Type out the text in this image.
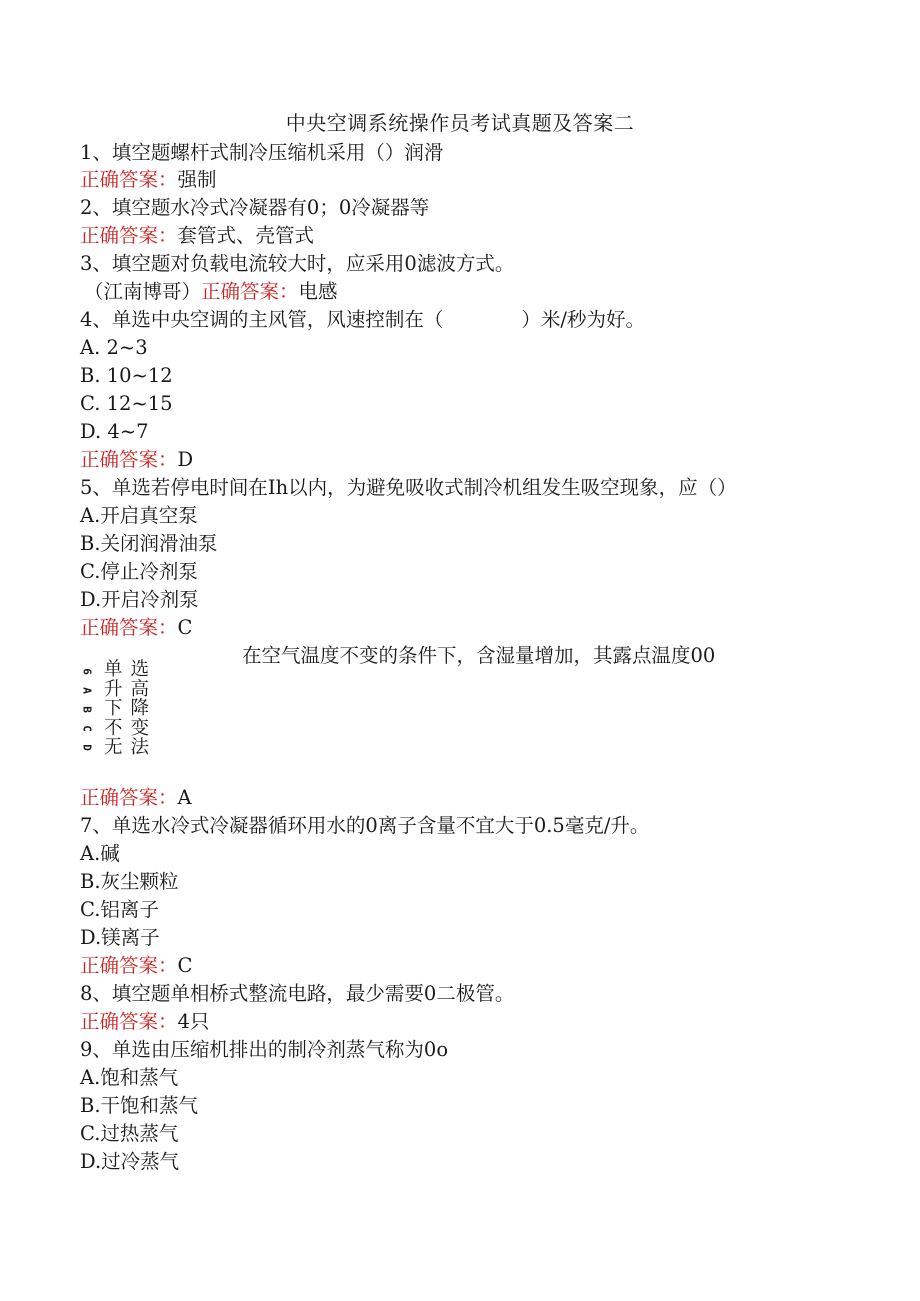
中央空调系统操作员考试真题及答案二
1、填空题螺杆式制冷压缩机采用（）润滑
正确答案：强制
2、填空题水冷式冷凝器有0；0冷凝器等
正确答案：套管式、壳管式
3、填空题对负载电流较大时，应采用0滤波方式。
（江南博哥）正确答案：电感
4、单选中央空调的主风管，风速控制在（　　　　）米/秒为好。
A. 2~3
B. 10~12
C. 12~15
D. 4~7
正确答案：D
5、单选若停电时间在Ih以内，为避免吸收式制冷机组发生吸空现象，应（）
A.开启真空泵
B.关闭润滑油泵
C.停止冷剂泵
D.开启冷剂泵
正确答案：C
在空气温度不变的条件下，含湿量增加，其露点温度00
6
A
B
C
D
单选
升高
下降
不变
无法
正确答案：A
7、单选水冷式冷凝器循环用水的0离子含量不宜大于0.5毫克/升。
A.碱
B.灰尘颗粒
C.铝离子
D.镁离子
正确答案：C
8、填空题单相桥式整流电路，最少需要0二极管。
正确答案：4只
9、单选由压缩机排出的制冷剂蒸气称为0o
A.饱和蒸气
B.干饱和蒸气
C.过热蒸气
D.过冷蒸气
